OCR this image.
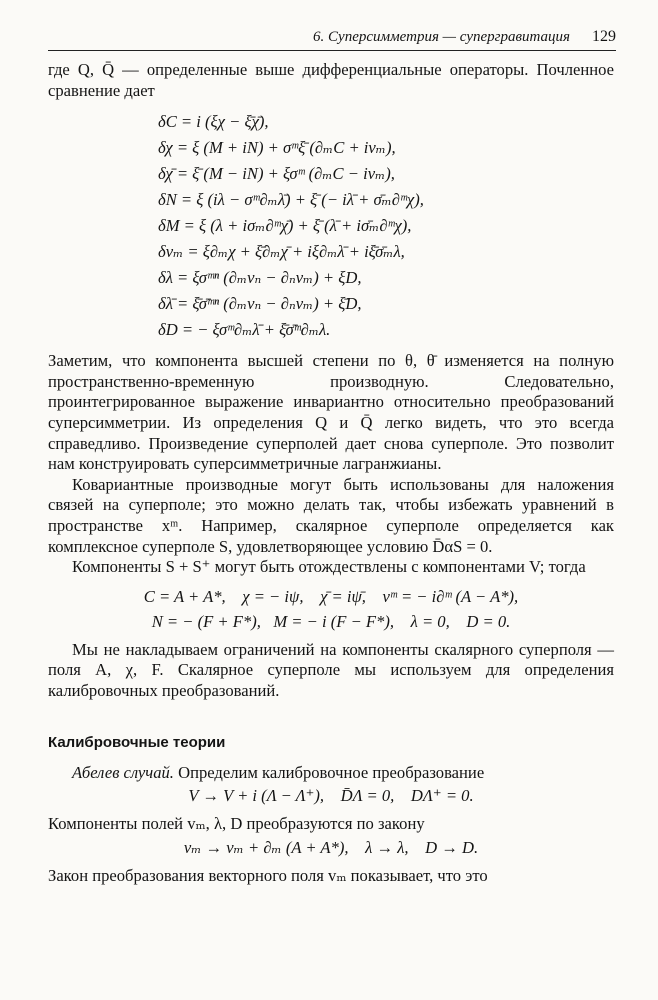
6. Суперсимметрия — супергравитация 129

где Q, Q̄ — определенные выше дифференциальные операторы. Почленное сравнение дает

δC = i (ξχ − ξ̄χ̄),
δχ = ξ (M + iN) + σᵐξ̄ (∂ₘC + ivₘ),
δχ̄ = ξ̄ (M − iN) + ξσᵐ (∂ₘC − ivₘ),
δN = ξ (iλ − σᵐ∂ₘλ̄) + ξ̄ (− iλ̄ + σ̄ₘ∂ᵐχ),
δM = ξ (λ + iσₘ∂ᵐχ̄) + ξ̄ (λ̄ + iσ̄ₘ∂ᵐχ),
δvₘ = ξ∂ₘχ + ξ̄∂ₘχ̄ + iξ∂ₘλ̄ + iξ̄σ̄ₘλ,
δλ = ξσᵐⁿ (∂ₘvₙ − ∂ₙvₘ) + ξD,
δλ̄ = ξ̄σ̄ᵐⁿ (∂ₘvₙ − ∂ₙvₘ) + ξ̄D,
δD = − ξσᵐ∂ₘλ̄ + ξ̄σ̄ᵐ∂ₘλ.

Заметим, что компонента высшей степени по θ, θ̄ изменяется на полную пространственно-временную производную. Следовательно, проинтегрированное выражение инвариантно относительно преобразований суперсимметрии. Из определения Q и Q̄ легко видеть, что это всегда справедливо. Произведение суперполей дает снова суперполе. Это позволит нам конструировать суперсимметричные лагранжианы.

Ковариантные производные могут быть использованы для наложения связей на суперполе; это можно делать так, чтобы избежать уравнений в пространстве xᵐ. Например, скалярное суперполе определяется как комплексное суперполе S, удовлетворяющее условию D̄αS = 0.

Компоненты S + S⁺ могут быть отождествлены с компонентами V; тогда

C = A + A*,    χ = − iψ,    χ̄ = iψ̄,    vᵐ = − i∂ᵐ (A − A*),

N = − (F + F*),   M = − i (F − F*),    λ = 0,    D = 0.

Мы не накладываем ограничений на компоненты скалярного суперполя — поля A, χ, F. Скалярное суперполе мы используем для определения калибровочных преобразований.

Калибровочные теории

Абелев случай. Определим калибровочное преобразование

V → V + i (Λ − Λ⁺),    D̄Λ = 0,    DΛ⁺ = 0.

Компоненты полей vₘ, λ, D преобразуются по закону

vₘ → vₘ + ∂ₘ (A + A*),    λ → λ,    D → D.

Закон преобразования векторного поля vₘ показывает, что это
